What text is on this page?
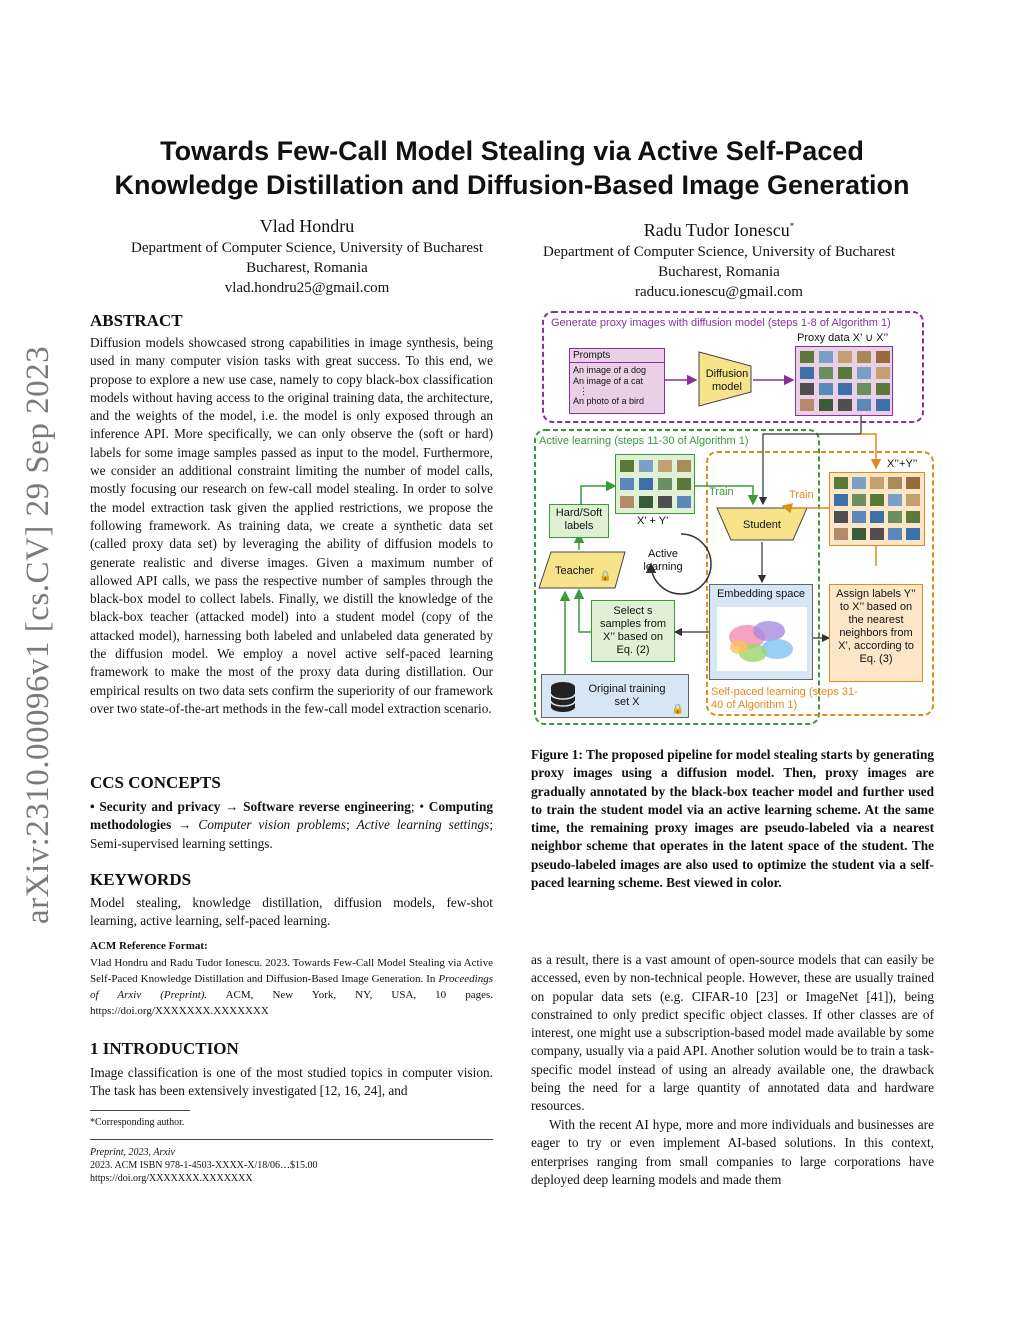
arXiv:2310.00096v1 [cs.CV] 29 Sep 2023
Towards Few-Call Model Stealing via Active Self-Paced
Knowledge Distillation and Diffusion-Based Image Generation
Vlad Hondru
Department of Computer Science, University of Bucharest
Bucharest, Romania
vlad.hondru25@gmail.com
Radu Tudor Ionescu*
Department of Computer Science, University of Bucharest
Bucharest, Romania
raducu.ionescu@gmail.com
ABSTRACT
Diffusion models showcased strong capabilities in image synthesis, being used in many computer vision tasks with great success. To this end, we propose to explore a new use case, namely to copy black-box classification models without having access to the original training data, the architecture, and the weights of the model, i.e. the model is only exposed through an inference API. More specifically, we can only observe the (soft or hard) labels for some image samples passed as input to the model. Furthermore, we consider an additional constraint limiting the number of model calls, mostly focusing our research on few-call model stealing. In order to solve the model extraction task given the applied restrictions, we propose the following framework. As training data, we create a synthetic data set (called proxy data set) by leveraging the ability of diffusion models to generate realistic and diverse images. Given a maximum number of allowed API calls, we pass the respective number of samples through the black-box model to collect labels. Finally, we distill the knowledge of the black-box teacher (attacked model) into a student model (copy of the attacked model), harnessing both labeled and unlabeled data generated by the diffusion model. We employ a novel active self-paced learning framework to make the most of the proxy data during distillation. Our empirical results on two data sets confirm the superiority of our framework over two state-of-the-art methods in the few-call model extraction scenario.
CCS CONCEPTS
• Security and privacy → Software reverse engineering; • Computing methodologies → Computer vision problems; Active learning settings; Semi-supervised learning settings.
KEYWORDS
Model stealing, knowledge distillation, diffusion models, few-shot learning, active learning, self-paced learning.
ACM Reference Format:
Vlad Hondru and Radu Tudor Ionescu. 2023. Towards Few-Call Model Stealing via Active Self-Paced Knowledge Distillation and Diffusion-Based Image Generation. In Proceedings of Arxiv (Preprint). ACM, New York, NY, USA, 10 pages. https://doi.org/XXXXXXX.XXXXXXX
1 INTRODUCTION
Image classification is one of the most studied topics in computer vision. The task has been extensively investigated [12, 16, 24], and
*Corresponding author.
Preprint, 2023, Arxiv
2023. ACM ISBN 978-1-4503-XXXX-X/18/06…$15.00
https://doi.org/XXXXXXX.XXXXXXX
Generate proxy images with diffusion model (steps 1-8 of Algorithm 1)
Proxy data X’ ∪ X’’
Prompts
An image of a dog
An image of a cat
⋮
An photo of a bird
Diffusion model
Active learning (steps 11-30 of Algorithm 1)
X’ + Y’
X’’+Y’’
Hard/Soft labels
Train	Train
Student
Teacher 🔒
Active learning
Select s samples from X’’ based on Eq. (2)
Embedding space	Assign labels Y’’ to X’’ based on the nearest neighbors from X’, according to Eq. (3)
Original training set X
🔒
Self-paced learning (steps 31-40 of Algorithm 1)
Figure 1: The proposed pipeline for model stealing starts by generating proxy images using a diffusion model. Then, proxy images are gradually annotated by the black-box teacher model and further used to train the student model via an active learning scheme. At the same time, the remaining proxy images are pseudo-labeled via a nearest neighbor scheme that operates in the latent space of the student. The pseudo-labeled images are also used to optimize the student via a self-paced learning scheme. Best viewed in color.
as a result, there is a vast amount of open-source models that can easily be accessed, even by non-technical people. However, these are usually trained on popular data sets (e.g. CIFAR-10 [23] or ImageNet [41]), being constrained to only predict specific object classes. If other classes are of interest, one might use a subscription-based model made available by some company, usually via a paid API. Another solution would be to train a task-specific model instead of using an already available one, the drawback being the need for a large quantity of annotated data and hardware resources.
With the recent AI hype, more and more individuals and businesses are eager to try or even implement AI-based solutions. In this context, enterprises ranging from small companies to large corporations have deployed deep learning models and made them
